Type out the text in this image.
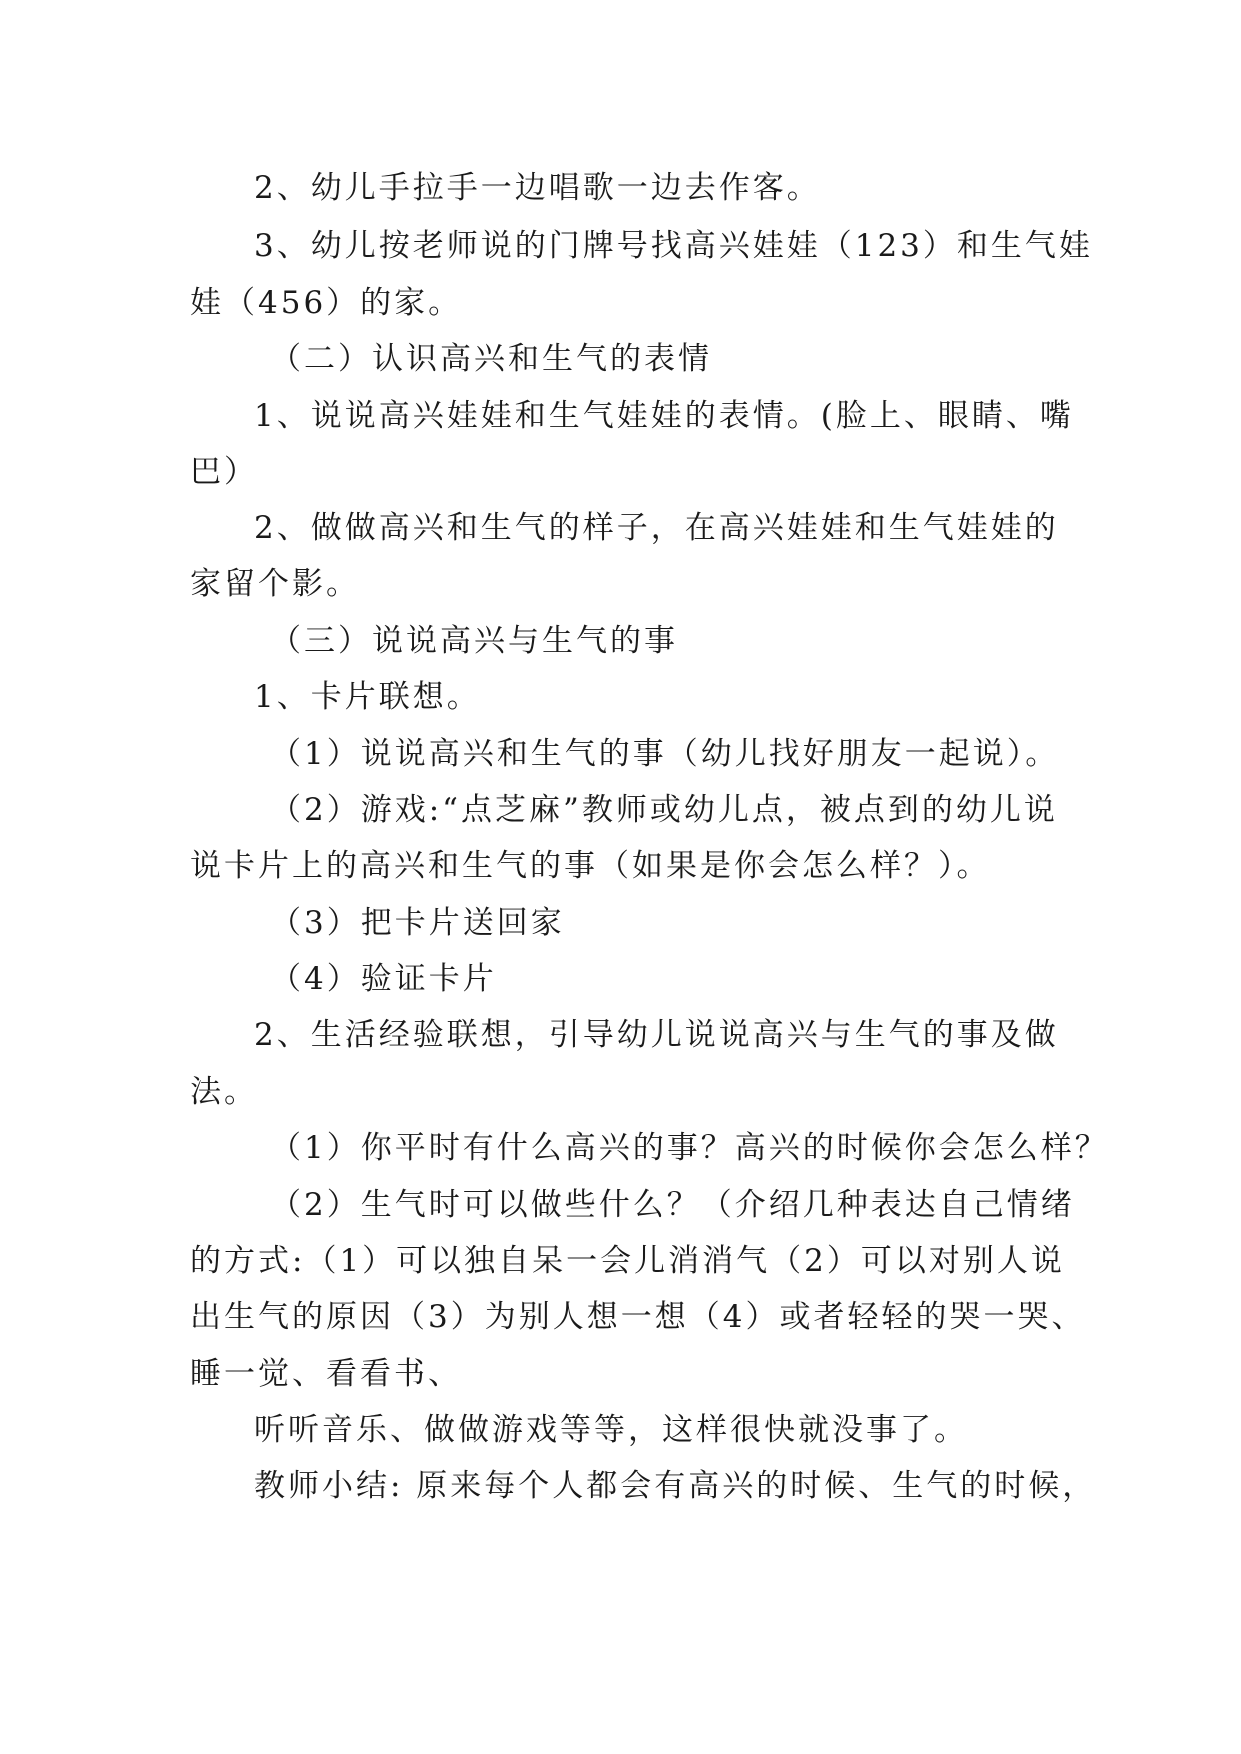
2、幼儿手拉手一边唱歌一边去作客。
3、幼儿按老师说的门牌号找高兴娃娃（123）和生气娃
娃（456）的家。
（二）认识高兴和生气的表情
1、说说高兴娃娃和生气娃娃的表情。(脸上、眼睛、嘴
巴）
2、做做高兴和生气的样子，在高兴娃娃和生气娃娃的
家留个影。
（三）说说高兴与生气的事
1、卡片联想。
（1）说说高兴和生气的事（幼儿找好朋友一起说）。
（2）游戏:“点芝麻”教师或幼儿点，被点到的幼儿说
说卡片上的高兴和生气的事（如果是你会怎么样？）。
（3）把卡片送回家
（4）验证卡片
2、生活经验联想，引导幼儿说说高兴与生气的事及做
法。
（1）你平时有什么高兴的事？高兴的时候你会怎么样？
（2）生气时可以做些什么？（介绍几种表达自己情绪
的方式:（1）可以独自呆一会儿消消气（2）可以对别人说
出生气的原因（3）为别人想一想（4）或者轻轻的哭一哭、
睡一觉、看看书、
听听音乐、做做游戏等等，这样很快就没事了。
教师小结: 原来每个人都会有高兴的时候、生气的时候，
